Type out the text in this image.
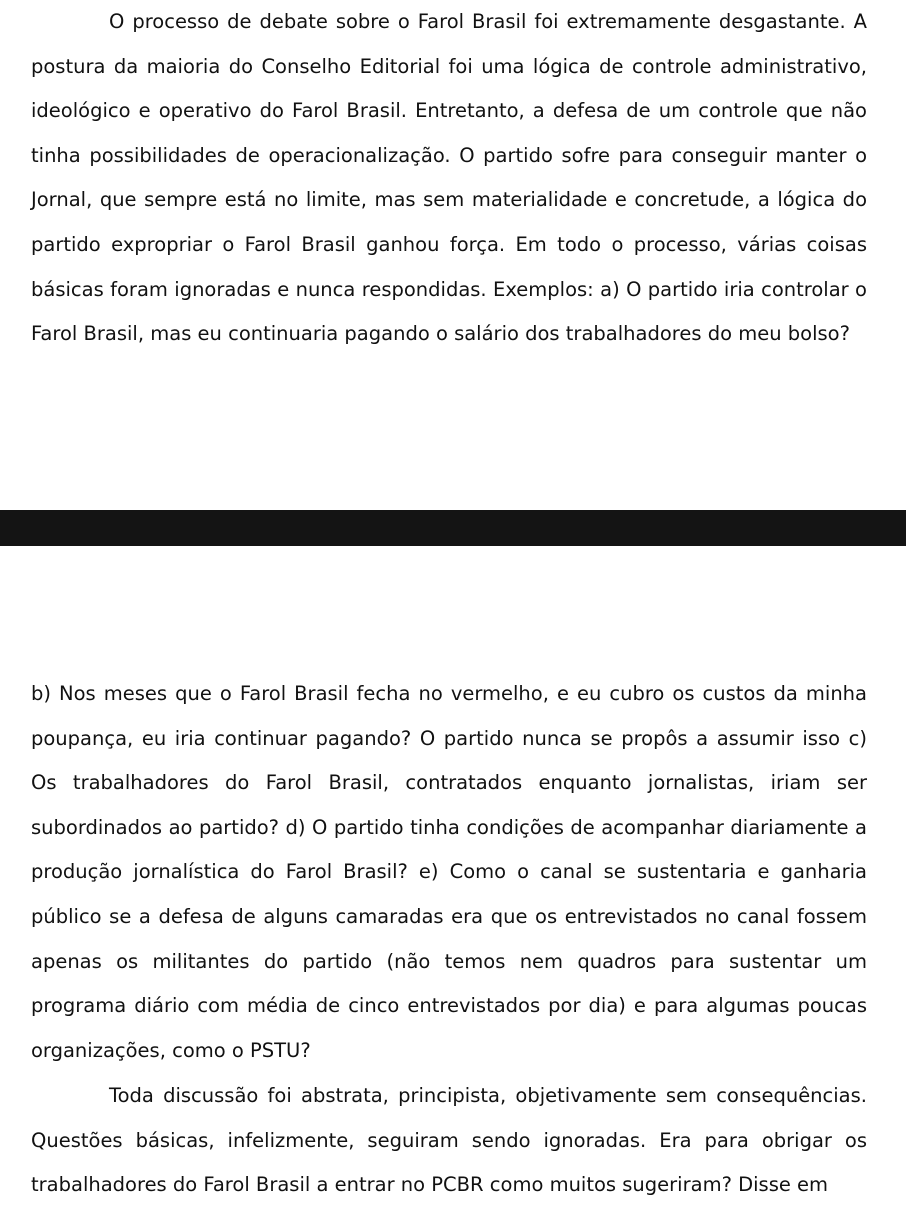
O processo de debate sobre o Farol Brasil foi extremamente desgastante. A postura da maioria do Conselho Editorial foi uma lógica de controle administrativo, ideológico e operativo do Farol Brasil. Entretanto, a defesa de um controle que não tinha possibilidades de operacionalização. O partido sofre para conseguir manter o Jornal, que sempre está no limite, mas sem materialidade e concretude, a lógica do partido expropriar o Farol Brasil ganhou força. Em todo o processo, várias coisas básicas foram ignoradas e nunca respondidas. Exemplos: a) O partido iria controlar o Farol Brasil, mas eu continuaria pagando o salário dos trabalhadores do meu bolso?

b) Nos meses que o Farol Brasil fecha no vermelho, e eu cubro os custos da minha poupança, eu iria continuar pagando? O partido nunca se propôs a assumir isso c) Os trabalhadores do Farol Brasil, contratados enquanto jornalistas, iriam ser subordinados ao partido? d) O partido tinha condições de acompanhar diariamente a produção jornalística do Farol Brasil? e) Como o canal se sustentaria e ganharia público se a defesa de alguns camaradas era que os entrevistados no canal fossem apenas os militantes do partido (não temos nem quadros para sustentar um programa diário com média de cinco entrevistados por dia) e para algumas poucas organizações, como o PSTU?

Toda discussão foi abstrata, principista, objetivamente sem consequências. Questões básicas, infelizmente, seguiram sendo ignoradas. Era para obrigar os trabalhadores do Farol Brasil a entrar no PCBR como muitos sugeriram? Disse em
